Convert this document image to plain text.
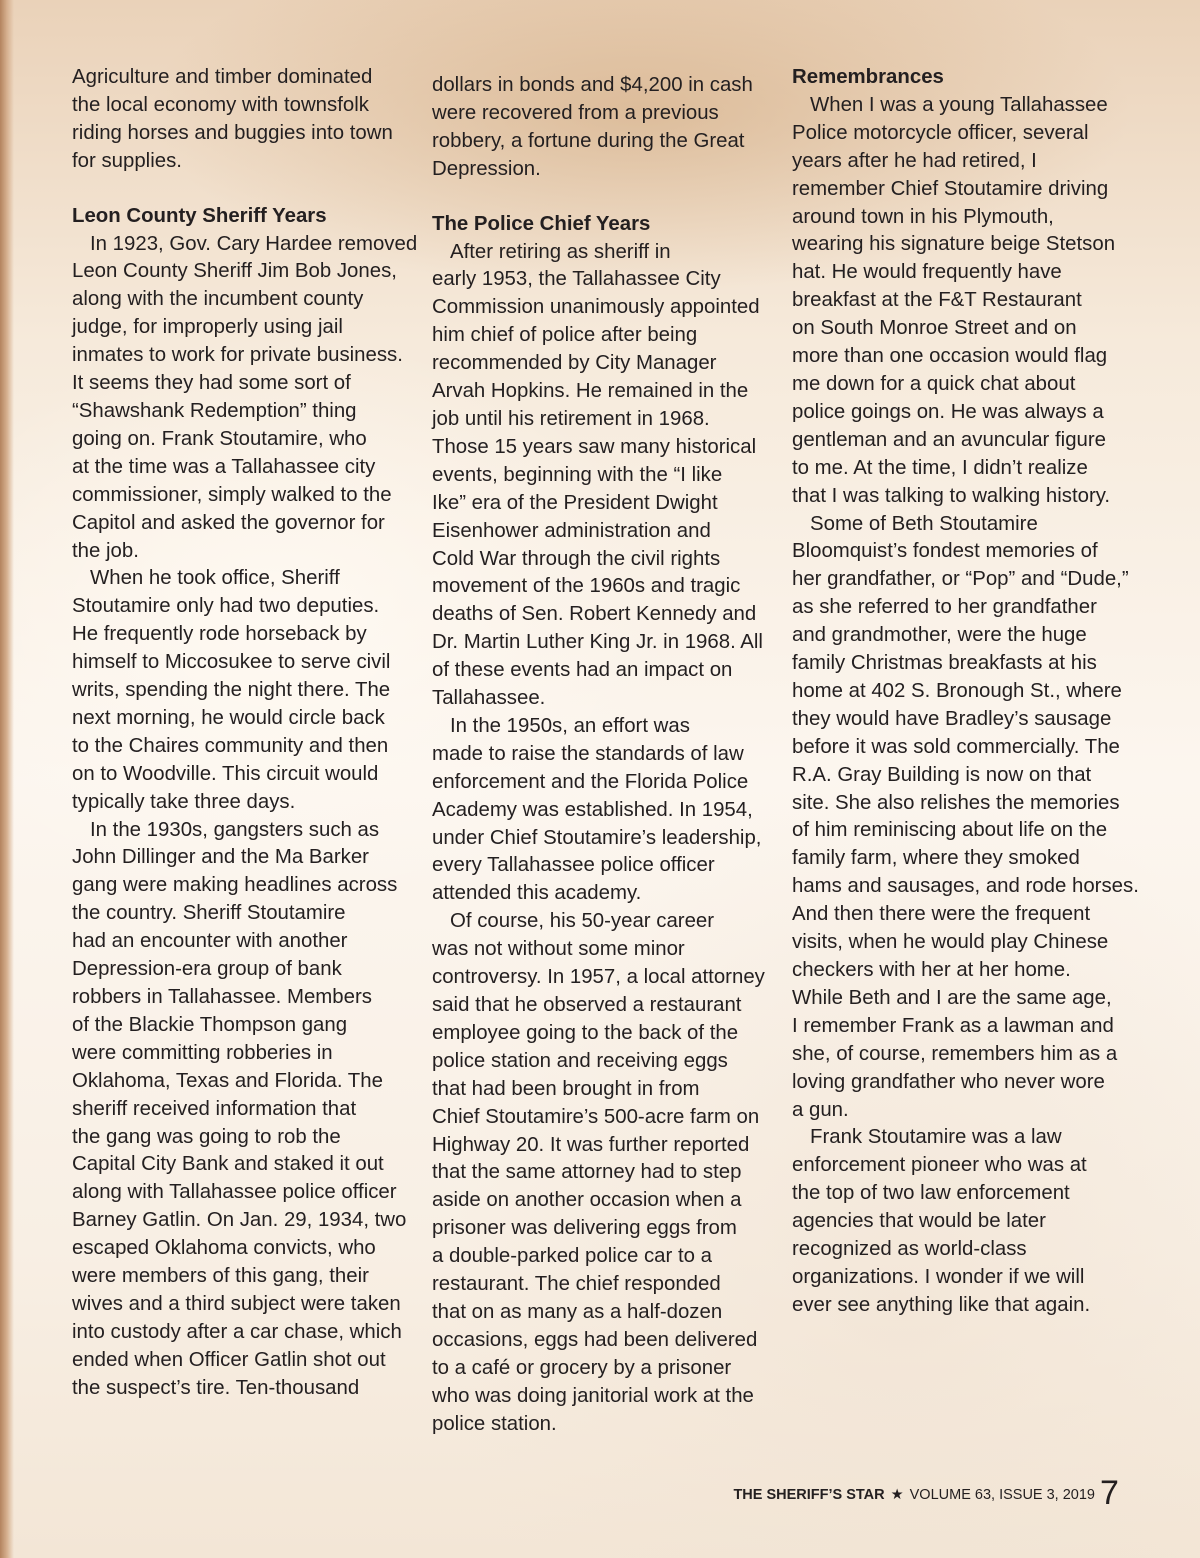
Agriculture and timber dominated
the local economy with townsfolk
riding horses and buggies into town
for supplies.
Leon County Sheriff Years
In 1923, Gov. Cary Hardee removed
Leon County Sheriff Jim Bob Jones,
along with the incumbent county
judge, for improperly using jail
inmates to work for private business.
It seems they had some sort of
“Shawshank Redemption” thing
going on. Frank Stoutamire, who
at the time was a Tallahassee city
commissioner, simply walked to the
Capitol and asked the governor for
the job.
When he took office, Sheriff
Stoutamire only had two deputies.
He frequently rode horseback by
himself to Miccosukee to serve civil
writs, spending the night there. The
next morning, he would circle back
to the Chaires community and then
on to Woodville. This circuit would
typically take three days.
In the 1930s, gangsters such as
John Dillinger and the Ma Barker
gang were making headlines across
the country. Sheriff Stoutamire
had an encounter with another
Depression-era group of bank
robbers in Tallahassee. Members
of the Blackie Thompson gang
were committing robberies in
Oklahoma, Texas and Florida. The
sheriff received information that
the gang was going to rob the
Capital City Bank and staked it out
along with Tallahassee police officer
Barney Gatlin. On Jan. 29, 1934, two
escaped Oklahoma convicts, who
were members of this gang, their
wives and a third subject were taken
into custody after a car chase, which
ended when Officer Gatlin shot out
the suspect’s tire. Ten-thousand
dollars in bonds and $4,200 in cash
were recovered from a previous
robbery, a fortune during the Great
Depression.
The Police Chief Years
After retiring as sheriff in
early 1953, the Tallahassee City
Commission unanimously appointed
him chief of police after being
recommended by City Manager
Arvah Hopkins. He remained in the
job until his retirement in 1968.
Those 15 years saw many historical
events, beginning with the “I like
Ike” era of the President Dwight
Eisenhower administration and
Cold War through the civil rights
movement of the 1960s and tragic
deaths of Sen. Robert Kennedy and
Dr. Martin Luther King Jr. in 1968. All
of these events had an impact on
Tallahassee.
In the 1950s, an effort was
made to raise the standards of law
enforcement and the Florida Police
Academy was established. In 1954,
under Chief Stoutamire’s leadership,
every Tallahassee police officer
attended this academy.
Of course, his 50-year career
was not without some minor
controversy. In 1957, a local attorney
said that he observed a restaurant
employee going to the back of the
police station and receiving eggs
that had been brought in from
Chief Stoutamire’s 500-acre farm on
Highway 20. It was further reported
that the same attorney had to step
aside on another occasion when a
prisoner was delivering eggs from
a double-parked police car to a
restaurant. The chief responded
that on as many as a half-dozen
occasions, eggs had been delivered
to a café or grocery by a prisoner
who was doing janitorial work at the
police station.
Remembrances
When I was a young Tallahassee
Police motorcycle officer, several
years after he had retired, I
remember Chief Stoutamire driving
around town in his Plymouth,
wearing his signature beige Stetson
hat. He would frequently have
breakfast at the F&T Restaurant
on South Monroe Street and on
more than one occasion would flag
me down for a quick chat about
police goings on. He was always a
gentleman and an avuncular figure
to me. At the time, I didn’t realize
that I was talking to walking history.
Some of Beth Stoutamire
Bloomquist’s fondest memories of
her grandfather, or “Pop” and “Dude,”
as she referred to her grandfather
and grandmother, were the huge
family Christmas breakfasts at his
home at 402 S. Bronough St., where
they would have Bradley’s sausage
before it was sold commercially. The
R.A. Gray Building is now on that
site. She also relishes the memories
of him reminiscing about life on the
family farm, where they smoked
hams and sausages, and rode horses.
And then there were the frequent
visits, when he would play Chinese
checkers with her at her home.
While Beth and I are the same age,
I remember Frank as a lawman and
she, of course, remembers him as a
loving grandfather who never wore
a gun.
Frank Stoutamire was a law
enforcement pioneer who was at
the top of two law enforcement
agencies that would be later
recognized as world-class
organizations. I wonder if we will
ever see anything like that again.
THE SHERIFF’S STAR ★ VOLUME 63, ISSUE 3, 2019 7
